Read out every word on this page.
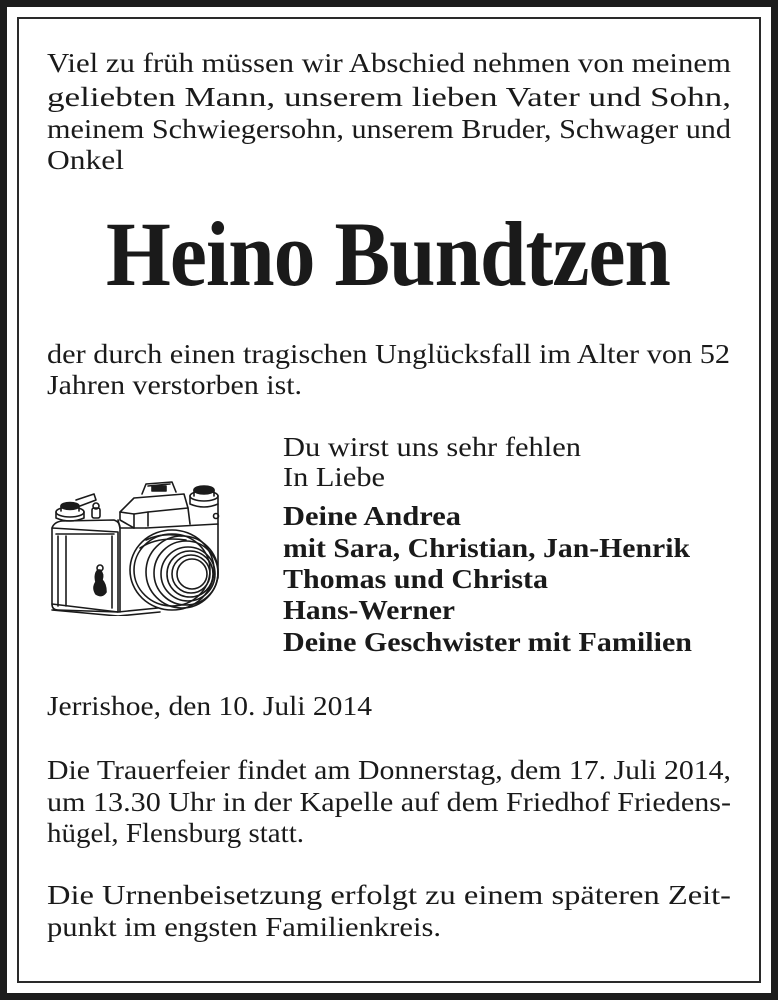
Viel zu früh müssen wir Abschied nehmen von meinem
geliebten Mann, unserem lieben Vater und Sohn,
meinem Schwiegersohn, unserem Bruder, Schwager und
Onkel
Heino Bundtzen
der durch einen tragischen Unglücksfall im Alter von 52
Jahren verstorben ist.
Du wirst uns sehr fehlen
In Liebe
Deine Andrea
mit Sara, Christian, Jan-Henrik
Thomas und Christa
Hans-Werner
Deine Geschwister mit Familien
Jerrishoe, den 10. Juli 2014
Die Trauerfeier findet am Donnerstag, dem 17. Juli 2014,
um 13.30 Uhr in der Kapelle auf dem Friedhof Friedens-
hügel, Flensburg statt.
Die Urnenbeisetzung erfolgt zu einem späteren Zeit-
punkt im engsten Familienkreis.
